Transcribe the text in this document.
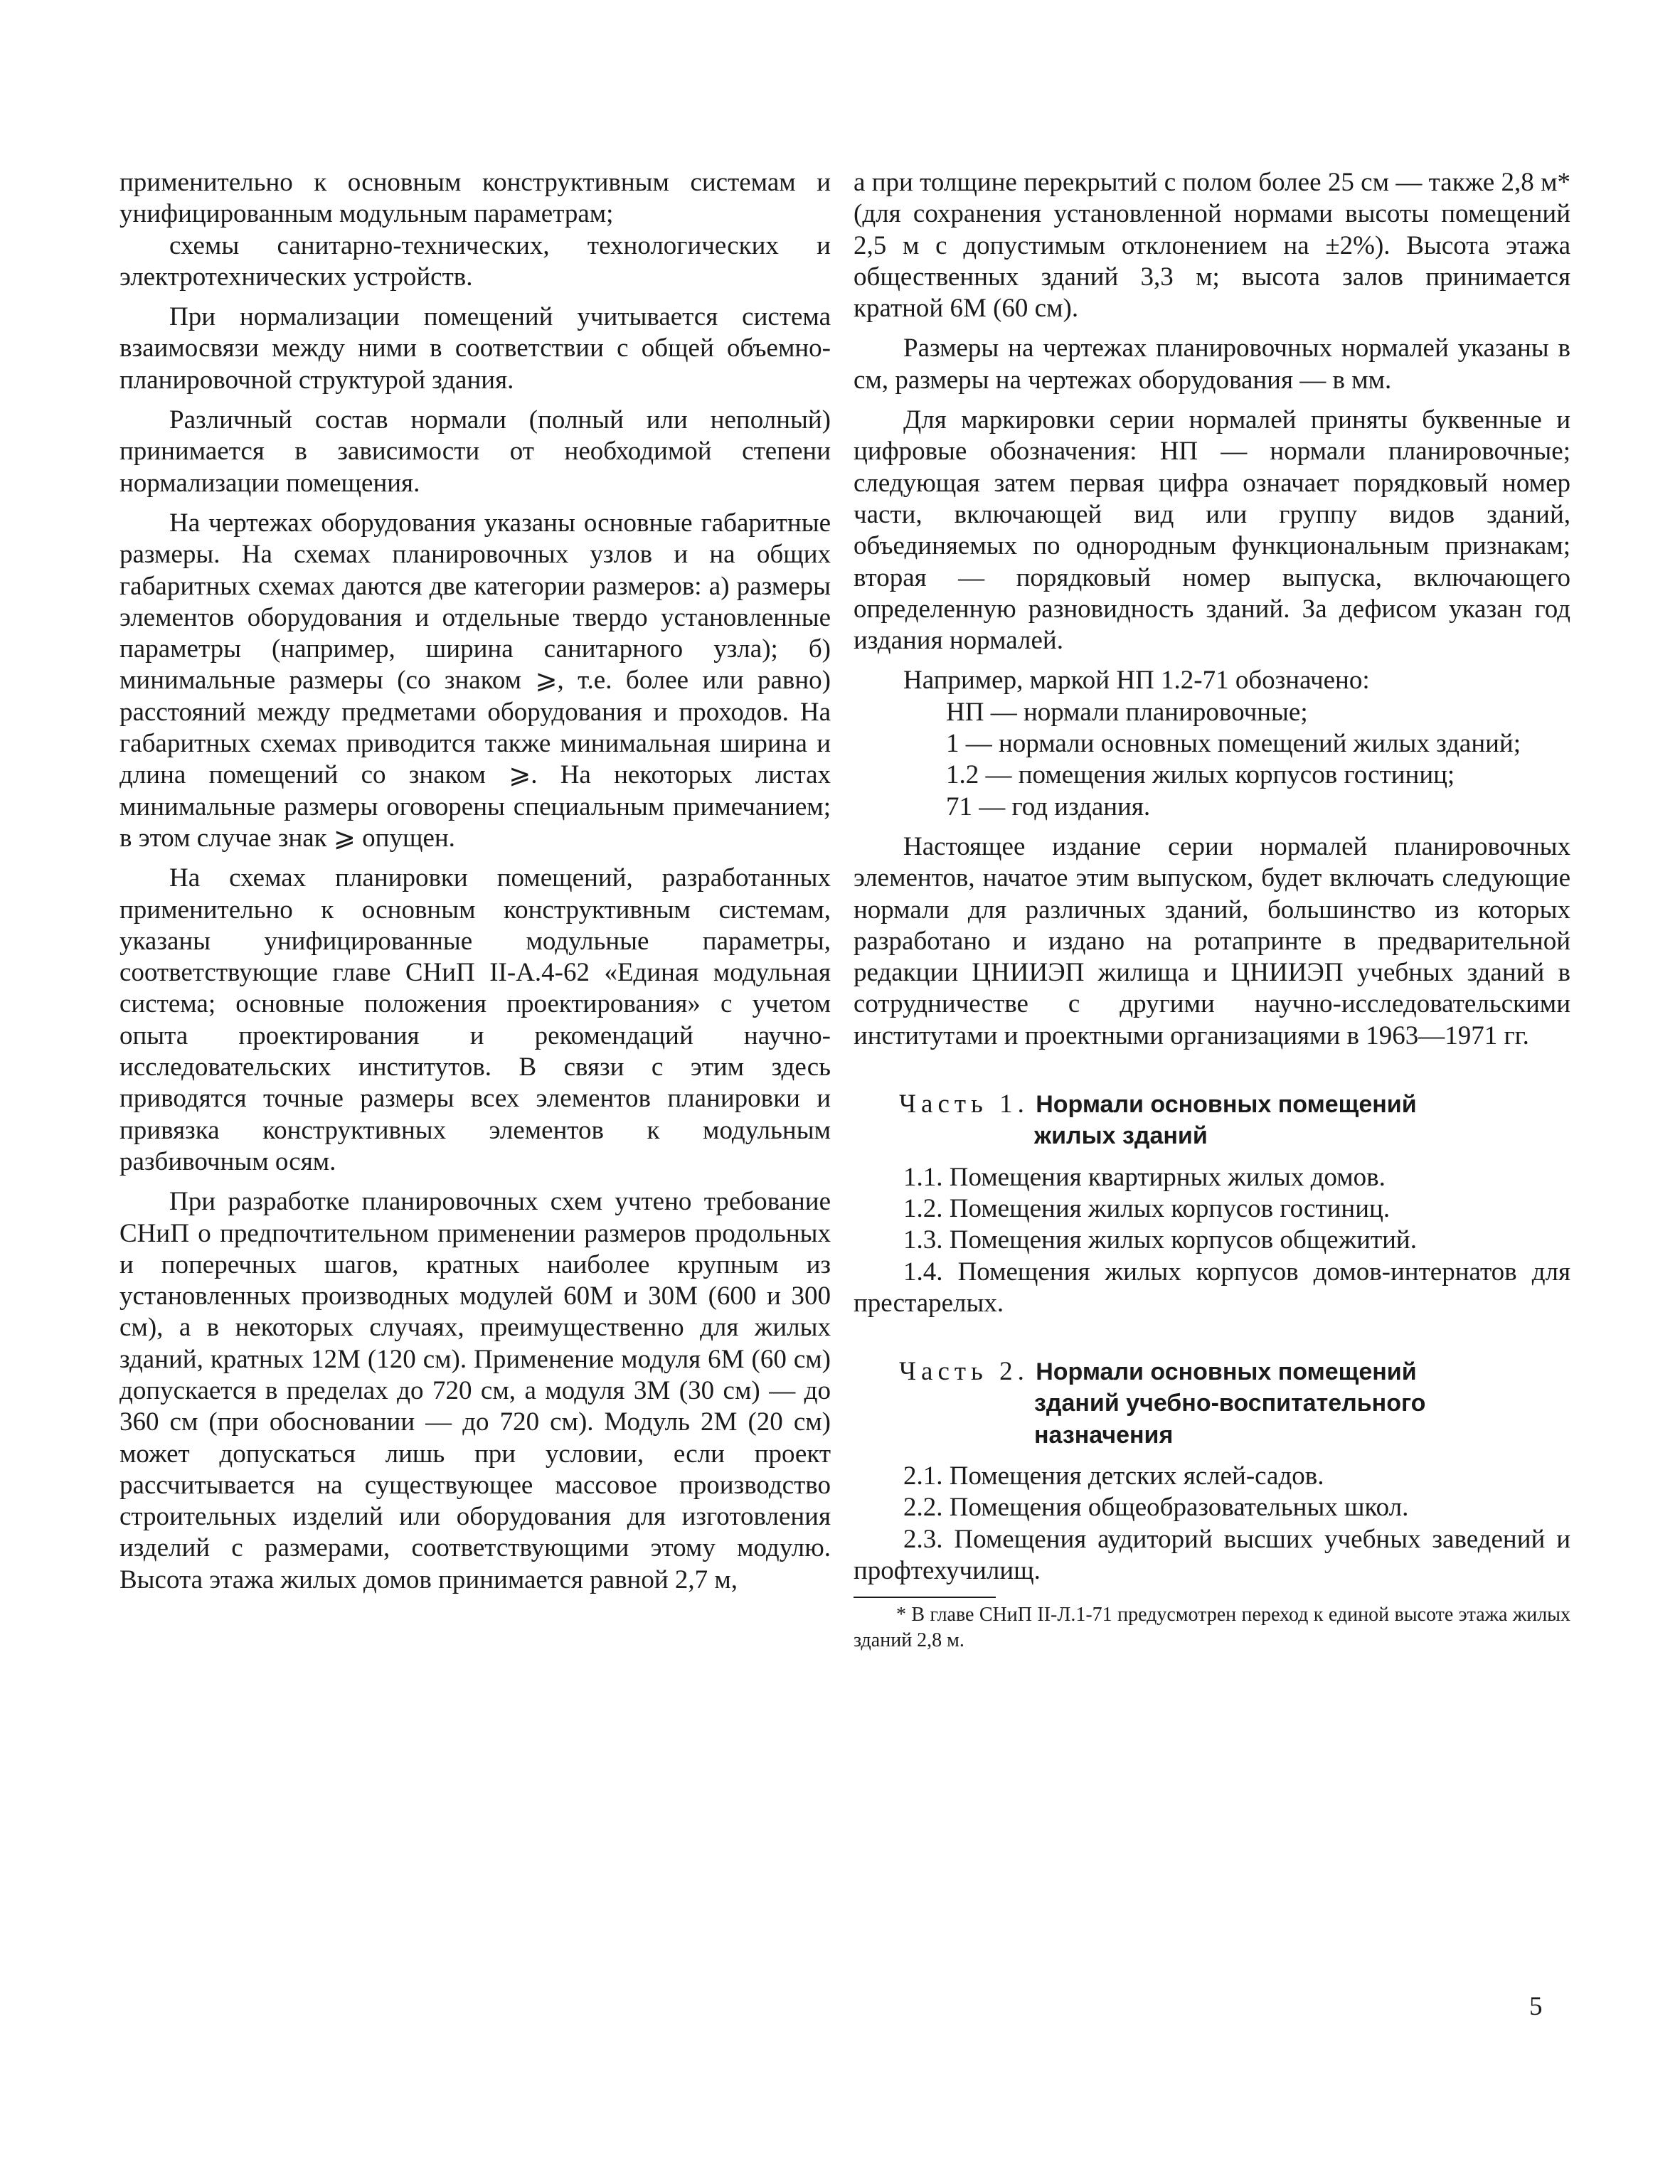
применительно к основным конструктивным системам и унифицированным модульным параметрам;

схемы санитарно-технических, технологических и электротехнических устройств.

При нормализации помещений учитывается система взаимосвязи между ними в соответствии с общей объемно-планировочной структурой здания.

Различный состав нормали (полный или неполный) принимается в зависимости от необходимой степени нормализации помещения.

На чертежах оборудования указаны основные габаритные размеры. На схемах планировочных узлов и на общих габаритных схемах даются две категории размеров: а) размеры элементов оборудования и отдельные твердо установленные параметры (например, ширина санитарного узла); б) минимальные размеры (со знаком ⩾, т.е. более или равно) расстояний между предметами оборудования и проходов. На габаритных схемах приводится также минимальная ширина и длина помещений со знаком ⩾. На некоторых листах минимальные размеры оговорены специальным примечанием; в этом случае знак ⩾ опущен.

На схемах планировки помещений, разработанных применительно к основным конструктивным системам, указаны унифицированные модульные параметры, соответствующие главе СНиП II-А.4-62 «Единая модульная система; основные положения проектирования» с учетом опыта проектирования и рекомендаций научно-исследовательских институтов. В связи с этим здесь приводятся точные размеры всех элементов планировки и привязка конструктивных элементов к модульным разбивочным осям.

При разработке планировочных схем учтено требование СНиП о предпочтительном применении размеров продольных и поперечных шагов, кратных наиболее крупным из установленных производных модулей 60М и 30М (600 и 300 см), а в некоторых случаях, преимущественно для жилых зданий, кратных 12М (120 см). Применение модуля 6М (60 см) допускается в пределах до 720 см, а модуля 3М (30 см) — до 360 см (при обосновании — до 720 см). Модуль 2М (20 см) может допускаться лишь при условии, если проект рассчитывается на существующее массовое производство строительных изделий или оборудования для изготовления изделий с размерами, соответствующими этому модулю. Высота этажа жилых домов принимается равной 2,7 м,

а при толщине перекрытий с полом более 25 см — также 2,8 м* (для сохранения установленной нормами высоты помещений 2,5 м с допустимым отклонением на ±2%). Высота этажа общественных зданий 3,3 м; высота залов принимается кратной 6М (60 см).

Размеры на чертежах планировочных нормалей указаны в см, размеры на чертежах оборудования — в мм.

Для маркировки серии нормалей приняты буквенные и цифровые обозначения: НП — нормали планировочные; следующая затем первая цифра означает порядковый номер части, включающей вид или группу видов зданий, объединяемых по однородным функциональным признакам; вторая — порядковый номер выпуска, включающего определенную разновидность зданий. За дефисом указан год издания нормалей.

Например, маркой НП 1.2-71 обозначено:

НП — нормали планировочные;

1 — нормали основных помещений жилых зданий;

1.2 — помещения жилых корпусов гостиниц;

71 — год издания.

Настоящее издание серии нормалей планировочных элементов, начатое этим выпуском, будет включать следующие нормали для различных зданий, большинство из которых разработано и издано на ротапринте в предварительной редакции ЦНИИЭП жилища и ЦНИИЭП учебных зданий в сотрудничестве с другими научно-исследовательскими институтами и проектными организациями в 1963—1971 гг.

Часть 1. Нормали основных помещений
жилых зданий

1.1. Помещения квартирных жилых домов.

1.2. Помещения жилых корпусов гостиниц.

1.3. Помещения жилых корпусов общежитий.

1.4. Помещения жилых корпусов домов-интернатов для престарелых.

Часть 2. Нормали основных помещений
зданий учебно-воспитательного назначения

2.1. Помещения детских яслей-садов.

2.2. Помещения общеобразовательных школ.

2.3. Помещения аудиторий высших учебных заведений и профтехучилищ.

* В главе СНиП II-Л.1-71 предусмотрен переход к единой высоте этажа жилых зданий 2,8 м.

5
